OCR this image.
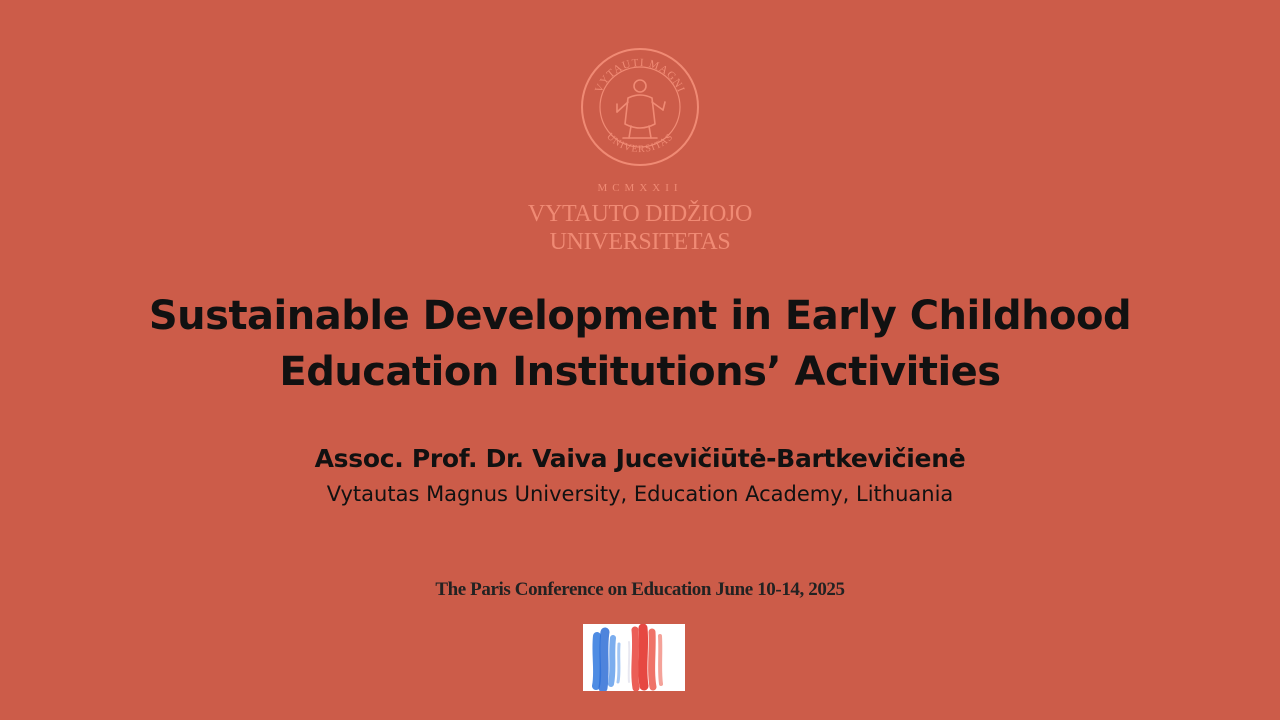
VYTAUTI MAGNI
UNIVERSITAS
MCMXXII
VYTAUTO DIDŽIOJO
UNIVERSITETAS
Sustainable Development in Early Childhood
Education Institutions’ Activities
Assoc. Prof. Dr. Vaiva Jucevičiūtė-Bartkevičienė
Vytautas Magnus University, Education Academy, Lithuania
The Paris Conference on Education June 10-14, 2025
